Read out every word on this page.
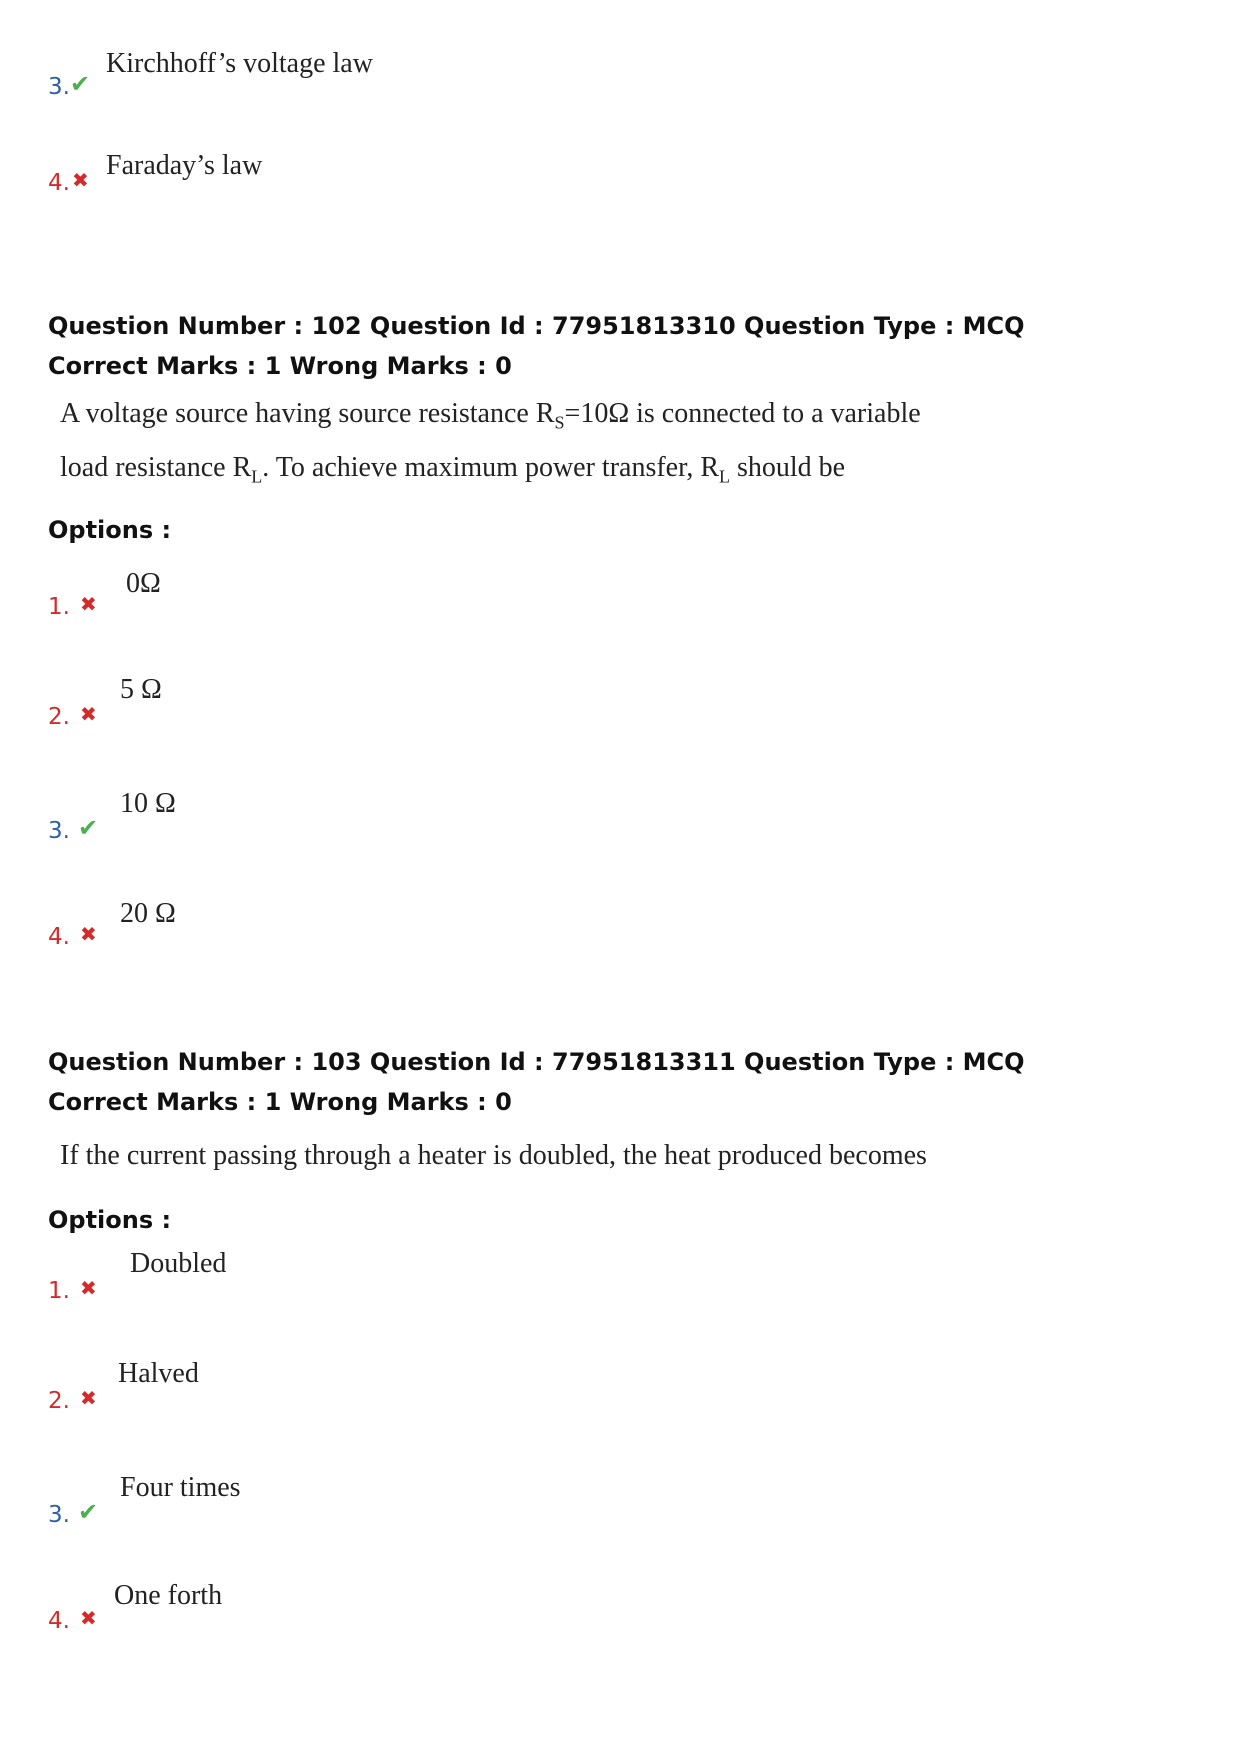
3. ✔
Kirchhoff’s voltage law
4. ✖ Faraday’s law
Question Number : 102 Question Id : 77951813310 Question Type : MCQ
Correct Marks : 1 Wrong Marks : 0
A voltage source having source resistance $R_S=10\Omega$ is connected to a variable
load resistance $R_L$. To achieve maximum power transfer, $R_L$ should be
Options :
1. ✖
0Ω
2. ✖
5 Ω
3. ✔
10 Ω
4. ✖
20 Ω
Question Number : 103 Question Id : 77951813311 Question Type : MCQ
Correct Marks : 1 Wrong Marks : 0
If the current passing through a heater is doubled, the heat produced becomes
Options :
1. ✖
Doubled
2. ✖
Halved
3. ✔
Four times
4. ✖
One forth
